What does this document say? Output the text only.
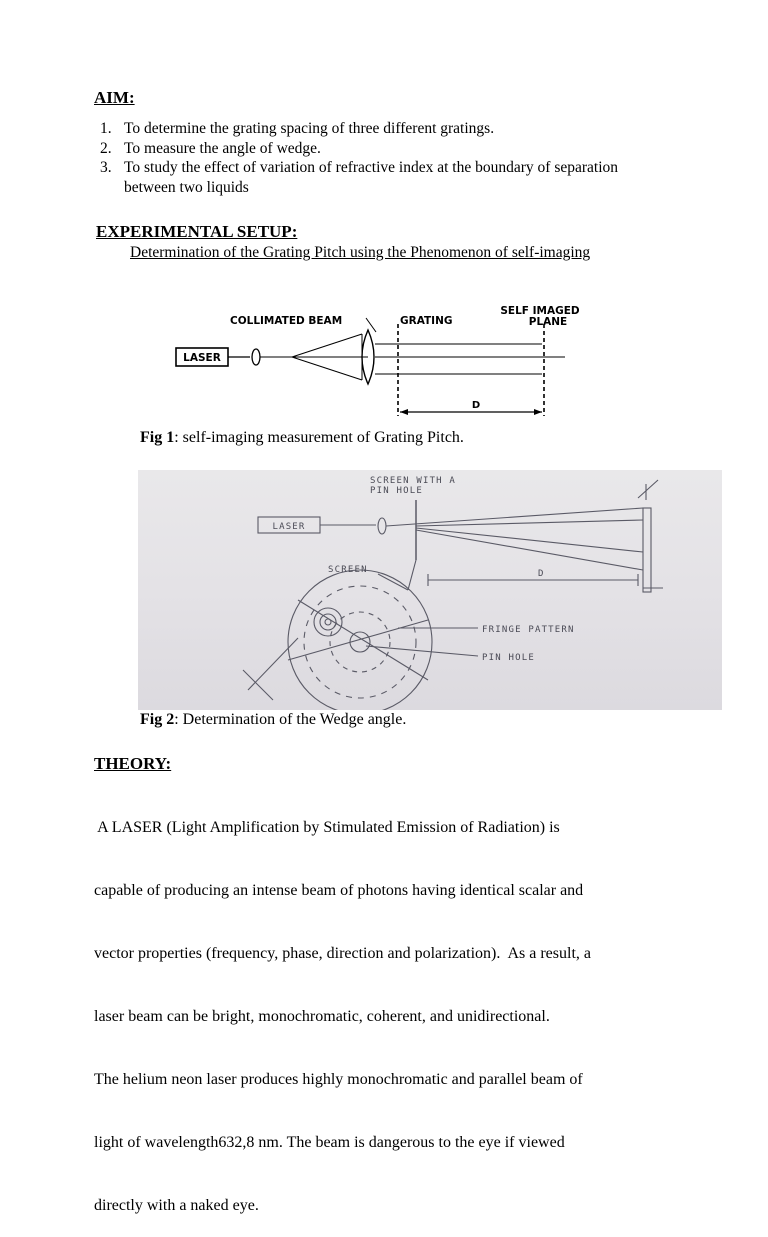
AIM:
1. To determine the grating spacing of three different gratings.
2. To measure the angle of wedge.
3. To study the effect of variation of refractive index at the boundary of separation between two liquids
EXPERIMENTAL SETUP:
Determination of the Grating Pitch using the Phenomenon of self-imaging
LASER
D
COLLIMATED BEAM	GRATING
SELF IMAGED
PLANE
Fig 1: self-imaging measurement of Grating Pitch.
SCREEN WITH A
PIN HOLE
LASER
SCREEN	D
FRINGE PATTERN
PIN HOLE
Fig 2: Determination of the Wedge angle.
THEORY:

A LASER (Light Amplification by Stimulated Emission of Radiation) is

capable of producing an intense beam of photons having identical scalar and

vector properties (frequency, phase, direction and polarization).  As a result, a

laser beam can be bright, monochromatic, coherent, and unidirectional.

The helium neon laser produces highly monochromatic and parallel beam of

light of wavelength632,8 nm. The beam is dangerous to the eye if viewed

directly with a naked eye.
